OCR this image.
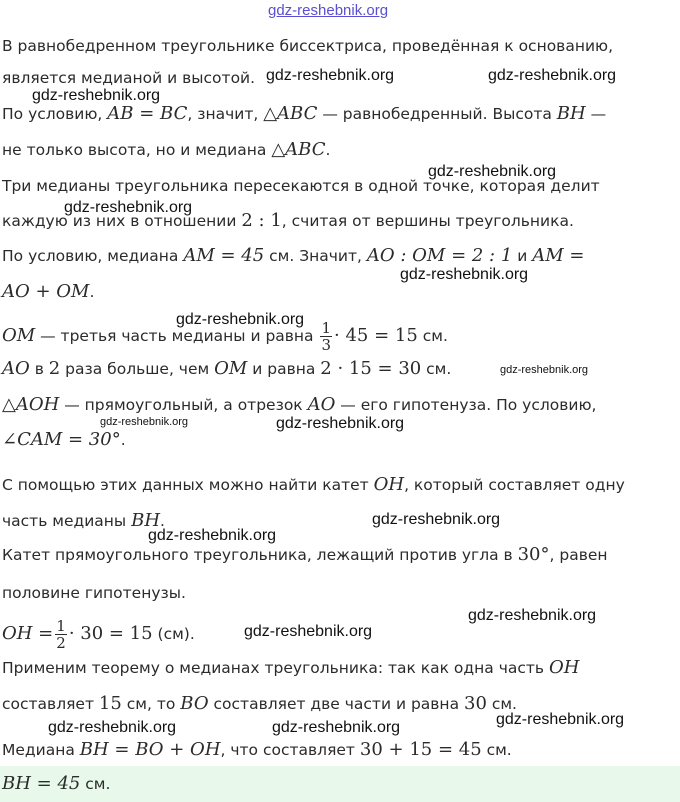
gdz-reshebnik.org
В равнобедренном треугольнике биссектриса, проведённая к основанию,
является медианой и высотой.
По условию, AB = BC, значит, △ABC — равнобедренный. Высота BH —
не только высота, но и медиана △ABC.
Три медианы треугольника пересекаются в одной точке, которая делит
каждую из них в отношении 2 : 1, считая от вершины треугольника.
По условию, медиана AM = 45 см. Значит, AO : OM = 2 : 1 и AM =
AO + OM.
OM — третья часть медианы и равна $\frac{1}{3} \cdot 45 = 15$ см.
AO в 2 раза больше, чем OM и равна 2 · 15 = 30 см.
△AOH — прямоугольный, а отрезок AO — его гипотенуза. По условию,
∠CAM = 30°.
С помощью этих данных можно найти катет OH, который составляет одну
часть медианы BH.
Катет прямоугольного треугольника, лежащий против угла в 30°, равен
половине гипотенузы.
OH = $\frac{1}{2} \cdot 30 = 15$ (см).
Применим теорему о медианах треугольника: так как одна часть OH
составляет 15 см, то BO составляет две части и равна 30 см.
Медиана BH = BO + OH, что составляет 30 + 15 = 45 см.
BH = 45 см.
gdz-reshebnik.org	gdz-reshebnik.org
gdz-reshebnik.org
gdz-reshebnik.org
gdz-reshebnik.org
gdz-reshebnik.org
gdz-reshebnik.org
gdz-reshebnik.org
gdz-reshebnik.org	gdz-reshebnik.org
gdz-reshebnik.org
gdz-reshebnik.org
gdz-reshebnik.org
gdz-reshebnik.org
gdz-reshebnik.org
gdz-reshebnik.org	gdz-reshebnik.org
